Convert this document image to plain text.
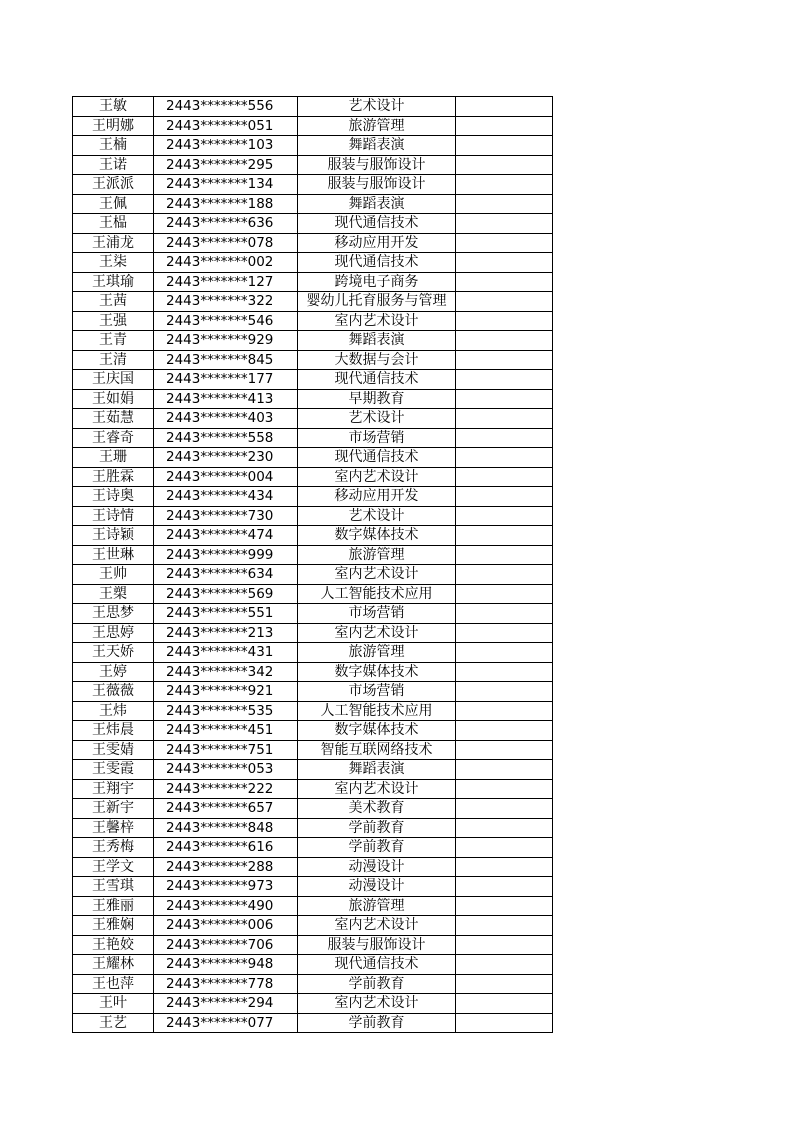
王敏	2443*******556	艺术设计	
王明娜	2443*******051	旅游管理	
王楠	2443*******103	舞蹈表演	
王诺	2443*******295	服装与服饰设计	
王派派	2443*******134	服装与服饰设计	
王佩	2443*******188	舞蹈表演	
王榀	2443*******636	现代通信技术	
王浦龙	2443*******078	移动应用开发	
王柒	2443*******002	现代通信技术	
王琪瑜	2443*******127	跨境电子商务	
王茜	2443*******322	婴幼儿托育服务与管理	
王强	2443*******546	室内艺术设计	
王青	2443*******929	舞蹈表演	
王清	2443*******845	大数据与会计	
王庆国	2443*******177	现代通信技术	
王如娟	2443*******413	早期教育	
王茹慧	2443*******403	艺术设计	
王睿奇	2443*******558	市场营销	
王珊	2443*******230	现代通信技术	
王胜霖	2443*******004	室内艺术设计	
王诗奥	2443*******434	移动应用开发	
王诗情	2443*******730	艺术设计	
王诗颖	2443*******474	数字媒体技术	
王世琳	2443*******999	旅游管理	
王帅	2443*******634	室内艺术设计	
王槊	2443*******569	人工智能技术应用	
王思梦	2443*******551	市场营销	
王思婷	2443*******213	室内艺术设计	
王天娇	2443*******431	旅游管理	
王婷	2443*******342	数字媒体技术	
王薇薇	2443*******921	市场营销	
王炜	2443*******535	人工智能技术应用	
王炜晨	2443*******451	数字媒体技术	
王雯婧	2443*******751	智能互联网络技术	
王雯霞	2443*******053	舞蹈表演	
王翔宇	2443*******222	室内艺术设计	
王新宇	2443*******657	美术教育	
王馨梓	2443*******848	学前教育	
王秀梅	2443*******616	学前教育	
王学文	2443*******288	动漫设计	
王雪琪	2443*******973	动漫设计	
王雅丽	2443*******490	旅游管理	
王雅娴	2443*******006	室内艺术设计	
王艳姣	2443*******706	服装与服饰设计	
王耀林	2443*******948	现代通信技术	
王也萍	2443*******778	学前教育	
王叶	2443*******294	室内艺术设计	
王艺	2443*******077	学前教育	
